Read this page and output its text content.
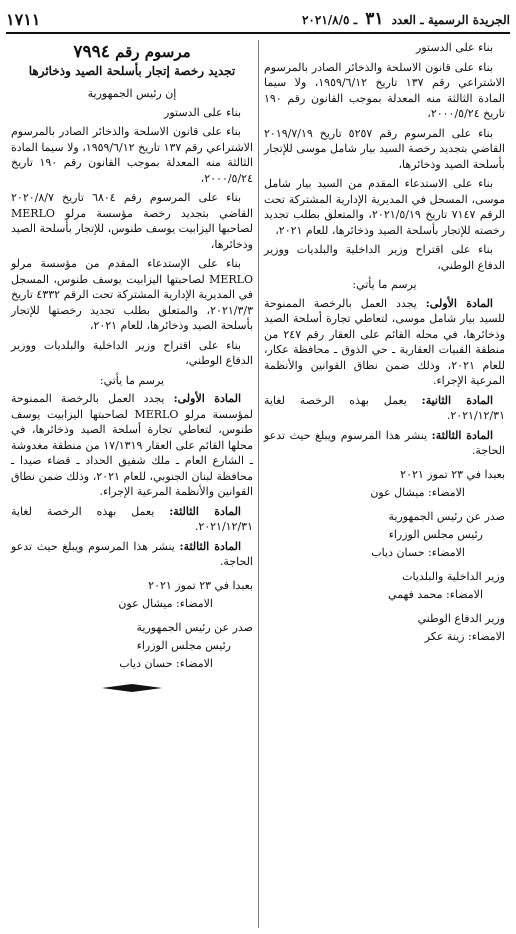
الجريدة الرسمية ـ العدد ٣١ ـ ٢٠٢١/٨/٥
١٧١١

بناء على الدستور

بناء على قانون الاسلحة والذخائر الصادر بالمرسوم الاشتراعي رقم ١٣٧ تاريخ ١٩٥٩/٦/١٢، ولا سيما المادة الثالثة منه المعدلة بموجب القانون رقم ١٩٠ تاريخ ٢٠٠٠/٥/٢٤،

بناء على المرسوم رقم ٥٢٥٧ تاريخ ٢٠١٩/٧/١٩ القاضي بتجديد رخصة السيد بيار شامل موسى للإتجار بأسلحة الصيد وذخائرها،

بناء على الاستدعاء المقدم من السيد بيار شامل موسى، المسجل في المديرية الإدارية المشتركة تحت الرقم ٧١٤٧ تاريخ ٢٠٢١/٥/١٩، والمتعلق بطلب تجديد رخصته للإتجار بأسلحة الصيد وذخائرها، للعام ٢٠٢١،

بناء على اقتراح وزير الداخلية والبلديات ووزير الدفاع الوطني،

يرسم ما يأتي:

المادة الأولى: يجدد العمل بالرخصة الممنوحة للسيد بيار شامل موسى، لتعاطي تجارة أسلحة الصيد وذخائرها، في محله القائم على العقار رقم ٢٤٧ من منطقة القبيات العقارية ـ حي الذوق ـ محافظة عكار، للعام ٢٠٢١، وذلك ضمن نطاق القوانين والأنظمة المرعية الإجراء.

المادة الثانية: يعمل بهذه الرخصة لغاية ٢٠٢١/١٢/٣١.

المادة الثالثة: ينشر هذا المرسوم ويبلغ حيث تدعو الحاجة.

بعبدا في ٢٣ تموز ٢٠٢١
الامضاء: ميشال عون
صدر عن رئيس الجمهورية
رئيس مجلس الوزراء
الامضاء: حسان دياب
وزير الداخلية والبلديات
الامضاء: محمد فهمي
وزير الدفاع الوطني
الامضاء: زينة عكر
مرسوم رقم ٧٩٩٤
تجديد رخصة إتجار بأسلحة الصيد وذخائرها

إن رئيس الجمهورية

بناء على الدستور

بناء على قانون الاسلحة والذخائر الصادر بالمرسوم الاشتراعي رقم ١٣٧ تاريخ ١٩٥٩/٦/١٢، ولا سيما المادة الثالثة منه المعدلة بموجب القانون رقم ١٩٠ تاريخ ٢٠٠٠/٥/٢٤،

بناء على المرسوم رقم ٦٨٠٤ تاريخ ٢٠٢٠/٨/٧ القاضي بتجديد رخصة مؤسسة مرلو MERLO لصاحبها اليزابيت يوسف طنوس، للإتجار بأسلحة الصيد وذخائرها،

بناء على الإستدعاء المقدم من مؤسسة مرلو MERLO لصاحبتها اليزابيت يوسف طنوس، المسجل في المديرية الإدارية المشتركة تحت الرقم ٤٣٣٢ تاريخ ٢٠٢١/٣/٣، والمتعلق بطلب تجديد رخصتها للإتجار بأسلحة الصيد وذخائرها، للعام ٢٠٢١،

بناء على اقتراح وزير الداخلية والبلديات ووزير الدفاع الوطني،

يرسم ما يأتي:

المادة الأولى: يجدد العمل بالرخصة الممنوحة لمؤسسة مرلو MERLO لصاحبتها اليزابيت يوسف طنوس، لتعاطي تجارة أسلحة الصيد وذخائرها، في محلها القائم على العقار ١٧/١٣١٩ من منطقة مغدوشة ـ الشارع العام ـ ملك شفيق الحداد ـ قضاء صيدا ـ محافظة لبنان الجنوبي، للعام ٢٠٢١، وذلك ضمن نطاق القوانين والأنظمة المرعية الإجراء.

المادة الثالثة: يعمل بهذه الرخصة لغاية ٢٠٢١/١٢/٣١.

المادة الثالثة: ينشر هذا المرسوم ويبلغ حيث تدعو الحاجة.

بعبدا في ٢٣ تموز ٢٠٢١
الامضاء: ميشال عون
صدر عن رئيس الجمهورية
رئيس مجلس الوزراء
الامضاء: حسان دياب
